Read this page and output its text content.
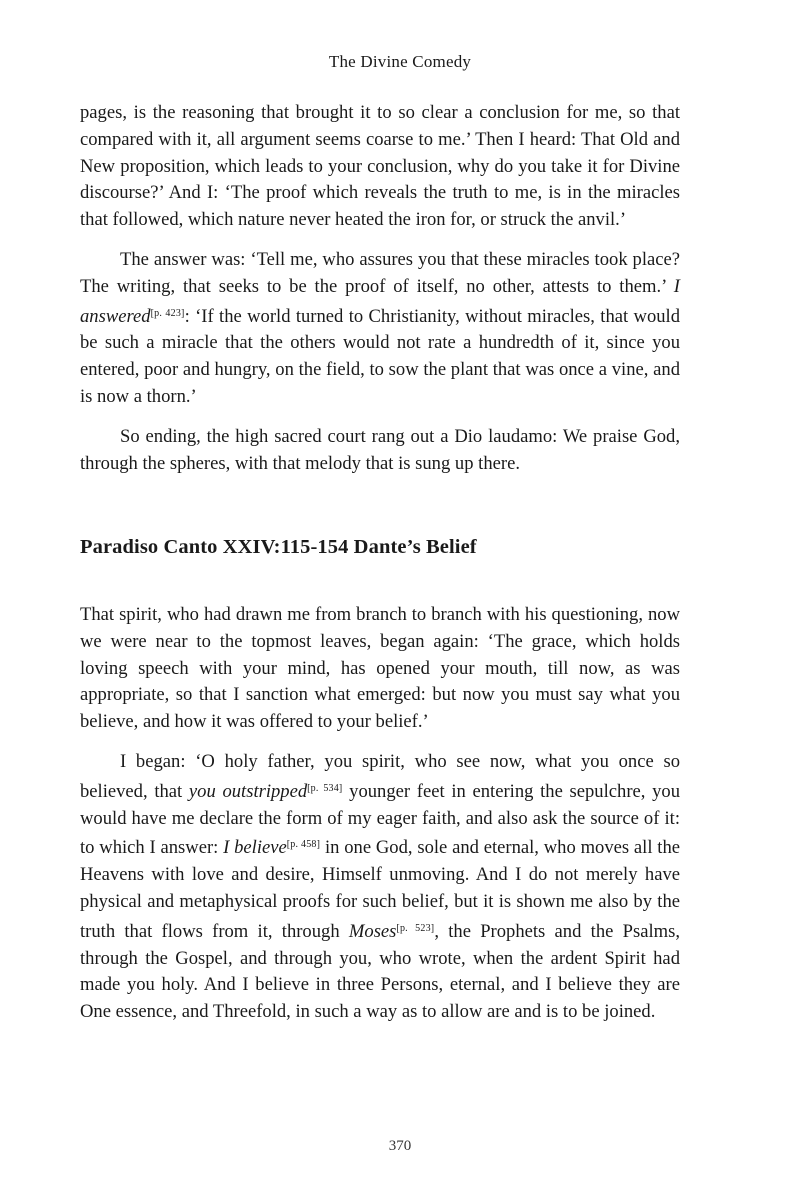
The Divine Comedy

pages, is the reasoning that brought it to so clear a conclusion for me, so that compared with it, all argument seems coarse to me.’ Then I heard: That Old and New proposition, which leads to your conclusion, why do you take it for Divine discourse?’ And I: ‘The proof which reveals the truth to me, is in the miracles that followed, which nature never heated the iron for, or struck the anvil.’

The answer was: ‘Tell me, who assures you that these miracles took place? The writing, that seeks to be the proof of itself, no other, attests to them.’ I answered[p. 423]: ‘If the world turned to Christianity, without miracles, that would be such a miracle that the others would not rate a hundredth of it, since you entered, poor and hungry, on the field, to sow the plant that was once a vine, and is now a thorn.’

So ending, the high sacred court rang out a Dio laudamo: We praise God, through the spheres, with that melody that is sung up there.

Paradiso Canto XXIV:115-154 Dante’s Belief

That spirit, who had drawn me from branch to branch with his questioning, now we were near to the topmost leaves, began again: ‘The grace, which holds loving speech with your mind, has opened your mouth, till now, as was appropriate, so that I sanction what emerged: but now you must say what you believe, and how it was offered to your belief.’

I began: ‘O holy father, you spirit, who see now, what you once so believed, that you outstripped[p. 534] younger feet in entering the sepulchre, you would have me declare the form of my eager faith, and also ask the source of it: to which I answer: I believe[p. 458] in one God, sole and eternal, who moves all the Heavens with love and desire, Himself unmoving. And I do not merely have physical and metaphysical proofs for such belief, but it is shown me also by the truth that flows from it, through Moses[p. 523], the Prophets and the Psalms, through the Gospel, and through you, who wrote, when the ardent Spirit had made you holy. And I believe in three Persons, eternal, and I believe they are One essence, and Threefold, in such a way as to allow are and is to be joined.

370
